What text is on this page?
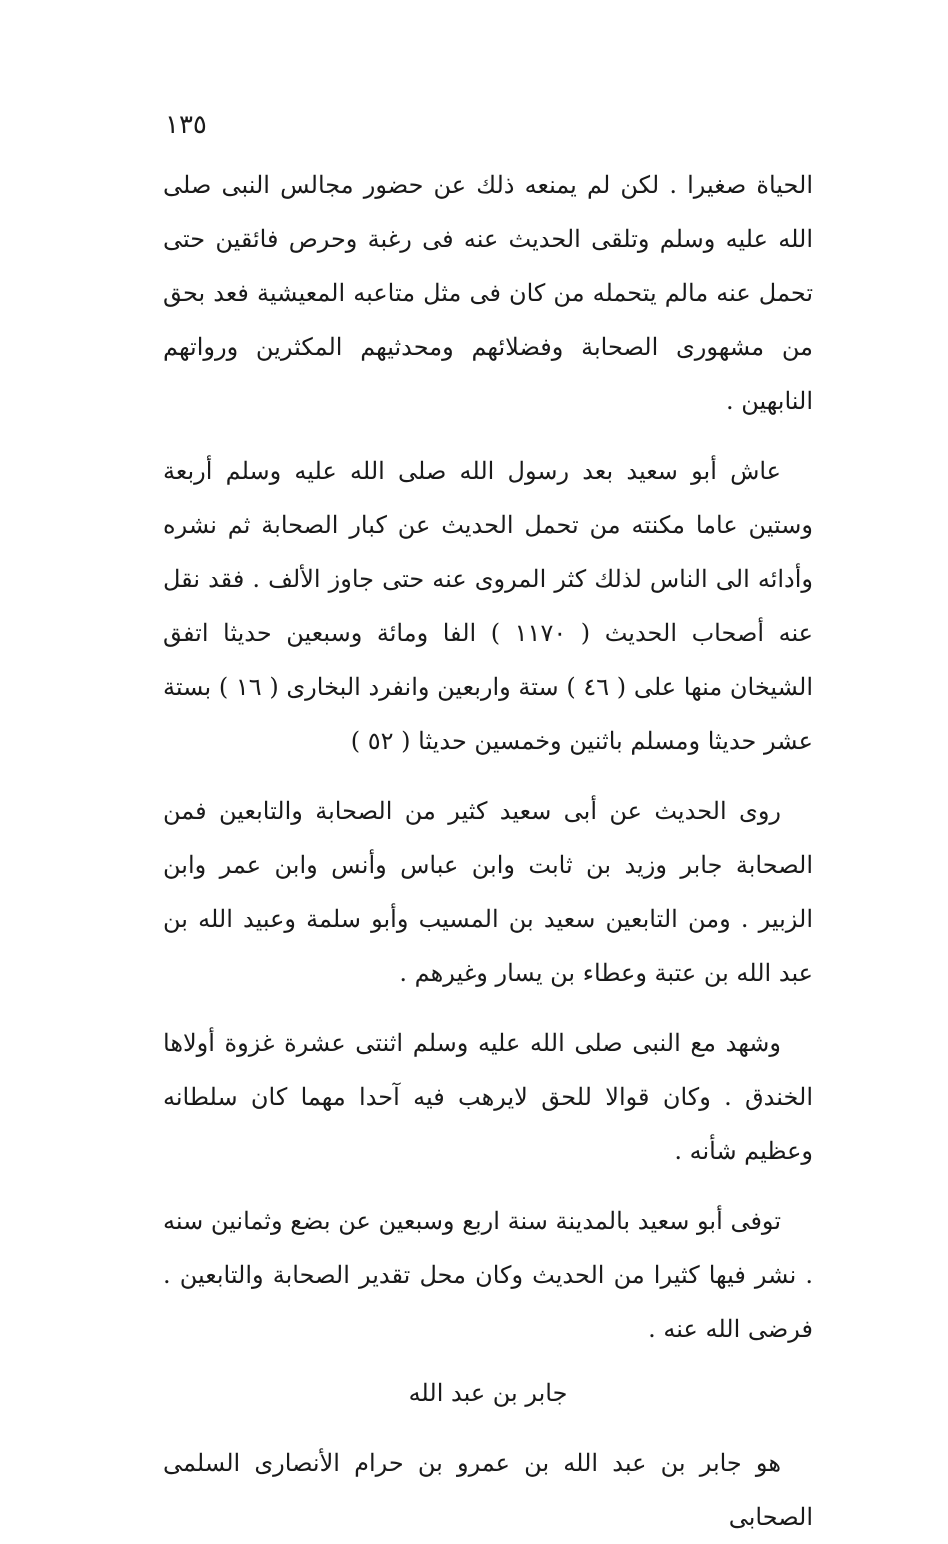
١٣٥

الحياة صغيرا . لكن لم يمنعه ذلك عن حضور مجالس النبى صلى الله عليه وسلم وتلقى الحديث عنه فى رغبة وحرص فائقين حتى تحمل عنه مالم يتحمله من كان فى مثل متاعبه المعيشية فعد بحق من مشهورى الصحابة وفضلائهم ومحدثيهم المكثرين ورواتهم النابهين .

عاش أبو سعيد بعد رسول الله صلى الله عليه وسلم أربعة وستين عاما مكنته من تحمل الحديث عن كبار الصحابة ثم نشره وأدائه الى الناس لذلك كثر المروى عنه حتى جاوز الألف . فقد نقل عنه أصحاب الحديث ( ١١٧٠ ) الفا ومائة وسبعين حديثا اتفق الشيخان منها على ( ٤٦ ) ستة واربعين وانفرد البخارى ( ١٦ ) بستة عشر حديثا ومسلم باثنين وخمسين حديثا ( ٥٢ )

روى الحديث عن أبى سعيد كثير من الصحابة والتابعين فمن الصحابة جابر وزيد بن ثابت وابن عباس وأنس وابن عمر وابن الزبير . ومن التابعين سعيد بن المسيب وأبو سلمة وعبيد الله بن عبد الله بن عتبة وعطاء بن يسار وغيرهم .

وشهد مع النبى صلى الله عليه وسلم اثنتى عشرة غزوة أولاها الخندق . وكان قوالا للحق لايرهب فيه آحدا مهما كان سلطانه وعظيم شأنه .

توفى أبو سعيد بالمدينة سنة اربع وسبعين عن بضع وثمانين سنه . نشر فيها كثيرا من الحديث وكان محل تقدير الصحابة والتابعين . فرضى الله عنه .

جابر بن عبد الله

هو جابر بن عبد الله بن عمرو بن حرام الأنصارى السلمى الصحابى
